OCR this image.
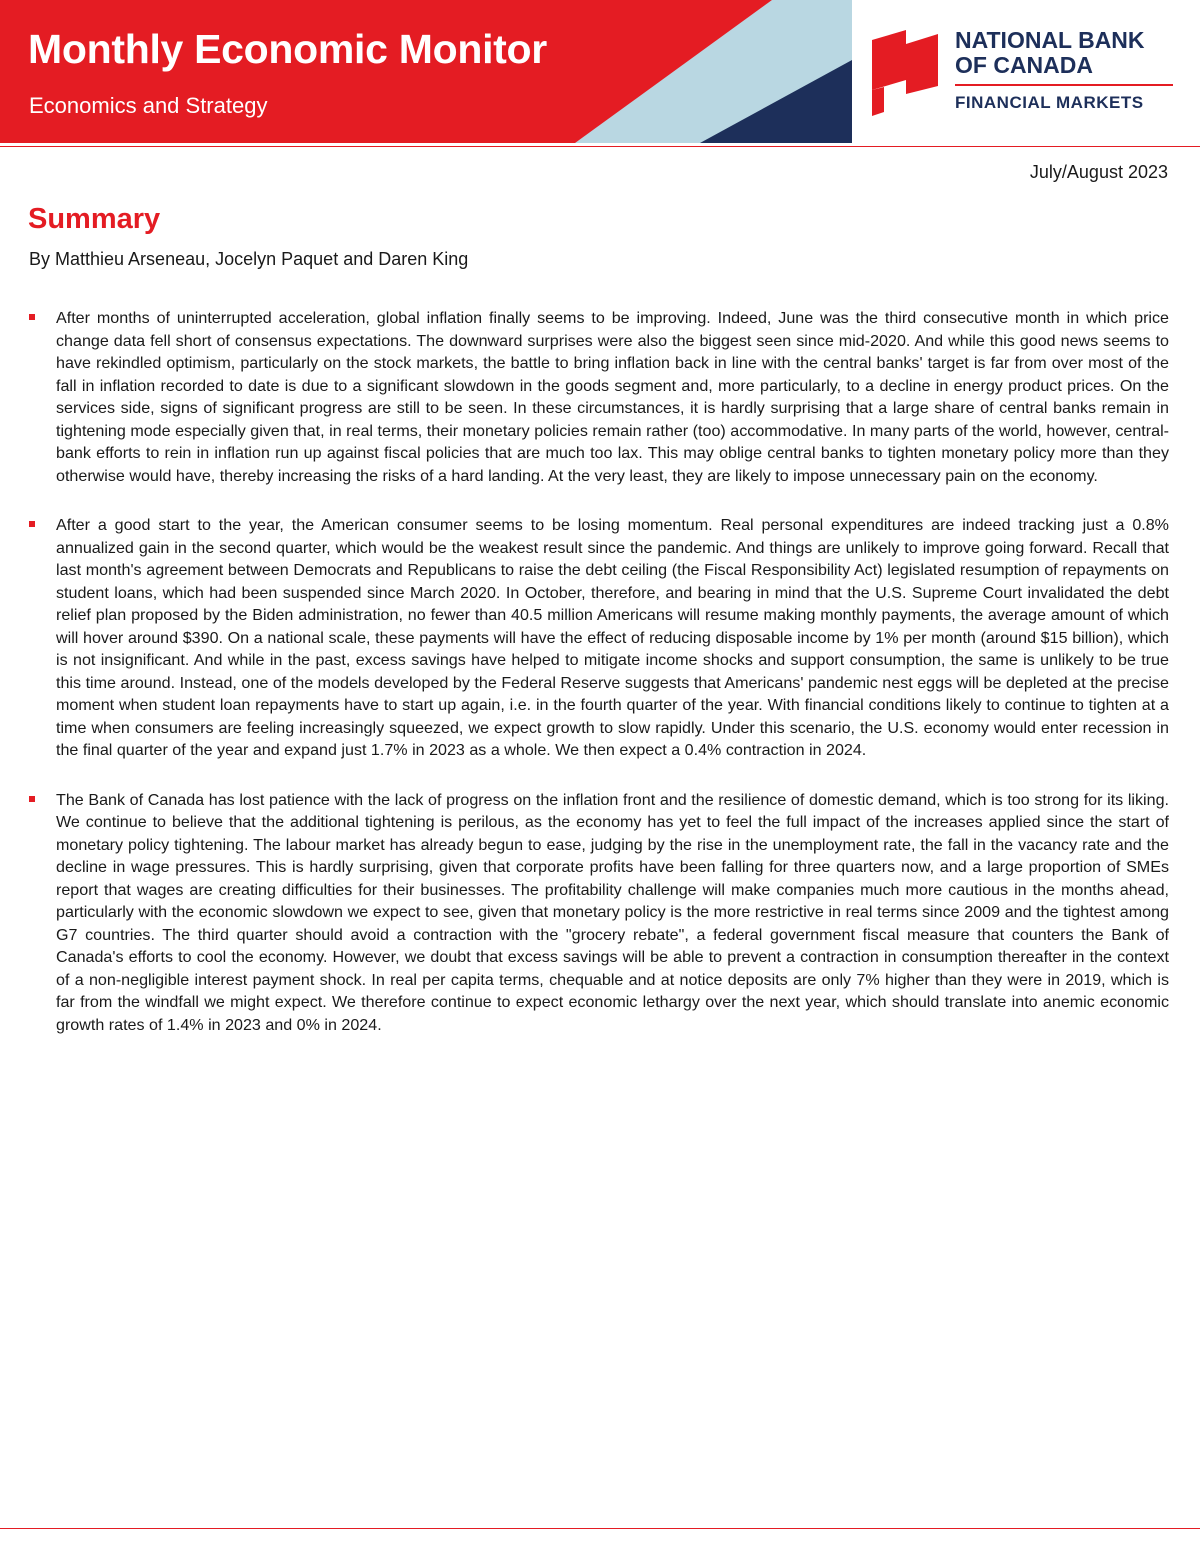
Monthly Economic Monitor
Economics and Strategy
NATIONAL BANK
OF CANADA
FINANCIAL MARKETS
July/August 2023
Summary
By Matthieu Arseneau, Jocelyn Paquet and Daren King
After months of uninterrupted acceleration, global inflation finally seems to be improving. Indeed, June was the third consecutive month in which price change data fell short of consensus expectations. The downward surprises were also the biggest seen since mid-2020. And while this good news seems to have rekindled optimism, particularly on the stock markets, the battle to bring inflation back in line with the central banks' target is far from over most of the fall in inflation recorded to date is due to a significant slowdown in the goods segment and, more particularly, to a decline in energy product prices. On the services side, signs of significant progress are still to be seen. In these circumstances, it is hardly surprising that a large share of central banks remain in tightening mode especially given that, in real terms, their monetary policies remain rather (too) accommodative. In many parts of the world, however, central-bank efforts to rein in inflation run up against fiscal policies that are much too lax. This may oblige central banks to tighten monetary policy more than they otherwise would have, thereby increasing the risks of a hard landing. At the very least, they are likely to impose unnecessary pain on the economy.
After a good start to the year, the American consumer seems to be losing momentum. Real personal expenditures are indeed tracking just a 0.8% annualized gain in the second quarter, which would be the weakest result since the pandemic. And things are unlikely to improve going forward. Recall that last month's agreement between Democrats and Republicans to raise the debt ceiling (the Fiscal Responsibility Act) legislated resumption of repayments on student loans, which had been suspended since March 2020. In October, therefore, and bearing in mind that the U.S. Supreme Court invalidated the debt relief plan proposed by the Biden administration, no fewer than 40.5 million Americans will resume making monthly payments, the average amount of which will hover around $390. On a national scale, these payments will have the effect of reducing disposable income by 1% per month (around $15 billion), which is not insignificant. And while in the past, excess savings have helped to mitigate income shocks and support consumption, the same is unlikely to be true this time around. Instead, one of the models developed by the Federal Reserve suggests that Americans' pandemic nest eggs will be depleted at the precise moment when student loan repayments have to start up again, i.e. in the fourth quarter of the year. With financial conditions likely to continue to tighten at a time when consumers are feeling increasingly squeezed, we expect growth to slow rapidly. Under this scenario, the U.S. economy would enter recession in the final quarter of the year and expand just 1.7% in 2023 as a whole. We then expect a 0.4% contraction in 2024.
The Bank of Canada has lost patience with the lack of progress on the inflation front and the resilience of domestic demand, which is too strong for its liking. We continue to believe that the additional tightening is perilous, as the economy has yet to feel the full impact of the increases applied since the start of monetary policy tightening. The labour market has already begun to ease, judging by the rise in the unemployment rate, the fall in the vacancy rate and the decline in wage pressures. This is hardly surprising, given that corporate profits have been falling for three quarters now, and a large proportion of SMEs report that wages are creating difficulties for their businesses. The profitability challenge will make companies much more cautious in the months ahead, particularly with the economic slowdown we expect to see, given that monetary policy is the more restrictive in real terms since 2009 and the tightest among G7 countries. The third quarter should avoid a contraction with the "grocery rebate", a federal government fiscal measure that counters the Bank of Canada's efforts to cool the economy. However, we doubt that excess savings will be able to prevent a contraction in consumption thereafter in the context of a non-negligible interest payment shock. In real per capita terms, chequable and at notice deposits are only 7% higher than they were in 2019, which is far from the windfall we might expect. We therefore continue to expect economic lethargy over the next year, which should translate into anemic economic growth rates of 1.4% in 2023 and 0% in 2024.
